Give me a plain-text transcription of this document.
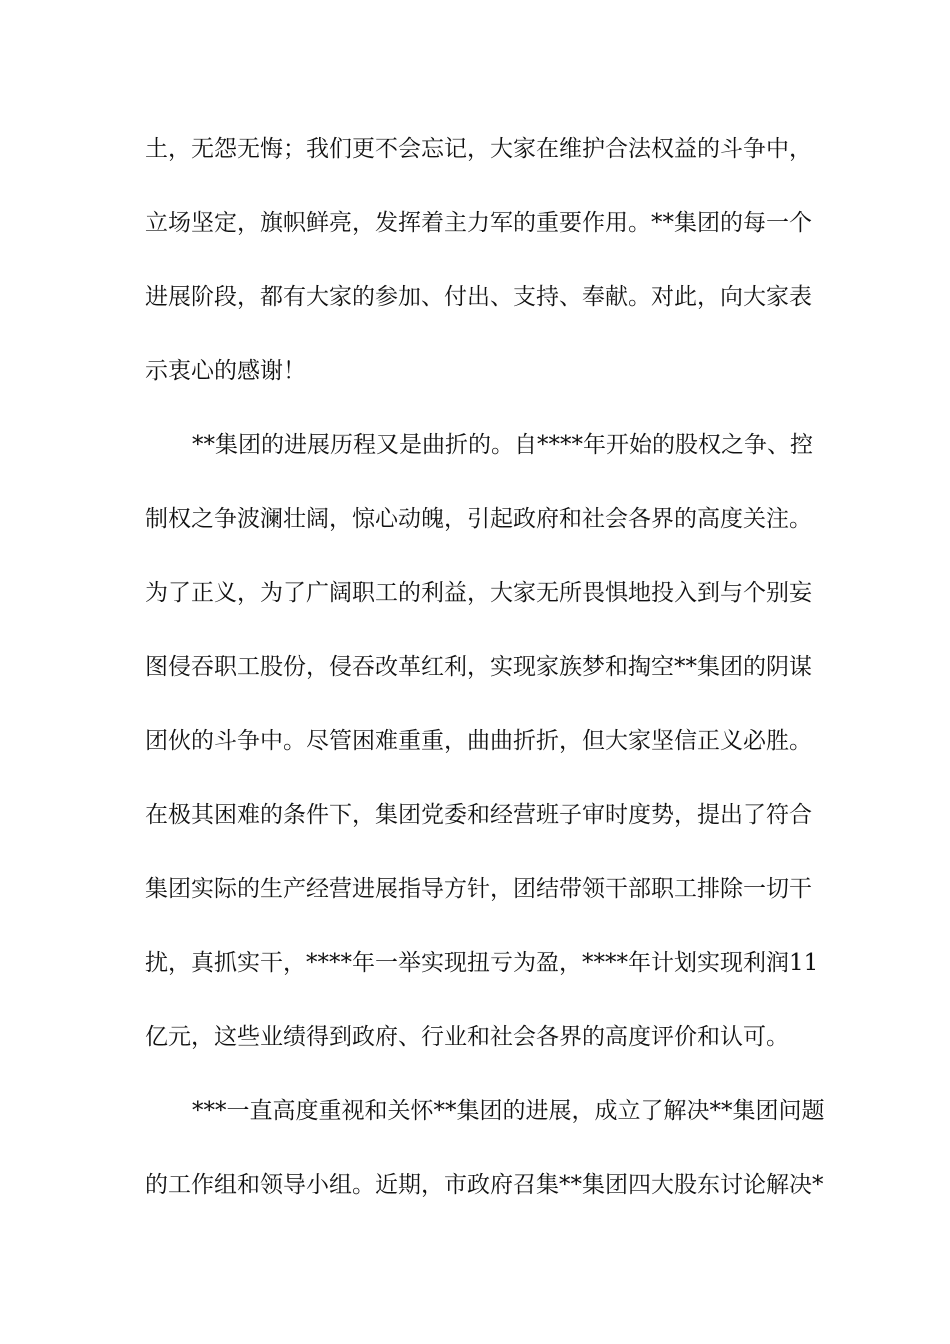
土，无怨无悔；我们更不会忘记，大家在维护合法权益的斗争中，
立场坚定，旗帜鲜亮，发挥着主力军的重要作用。**集团的每一个
进展阶段，都有大家的参加、付出、支持、奉献。对此，向大家表
示衷心的感谢！
**集团的进展历程又是曲折的。自****年开始的股权之争、控
制权之争波澜壮阔，惊心动魄，引起政府和社会各界的高度关注。
为了正义，为了广阔职工的利益，大家无所畏惧地投入到与个别妄
图侵吞职工股份，侵吞改革红利，实现家族梦和掏空**集团的阴谋
团伙的斗争中。尽管困难重重，曲曲折折，但大家坚信正义必胜。
在极其困难的条件下，集团党委和经营班子审时度势，提出了符合
集团实际的生产经营进展指导方针，团结带领干部职工排除一切干
扰，真抓实干，****年一举实现扭亏为盈，****年计划实现利润11
亿元，这些业绩得到政府、行业和社会各界的高度评价和认可。
***一直高度重视和关怀**集团的进展，成立了解决**集团问题
的工作组和领导小组。近期，市政府召集**集团四大股东讨论解决*
